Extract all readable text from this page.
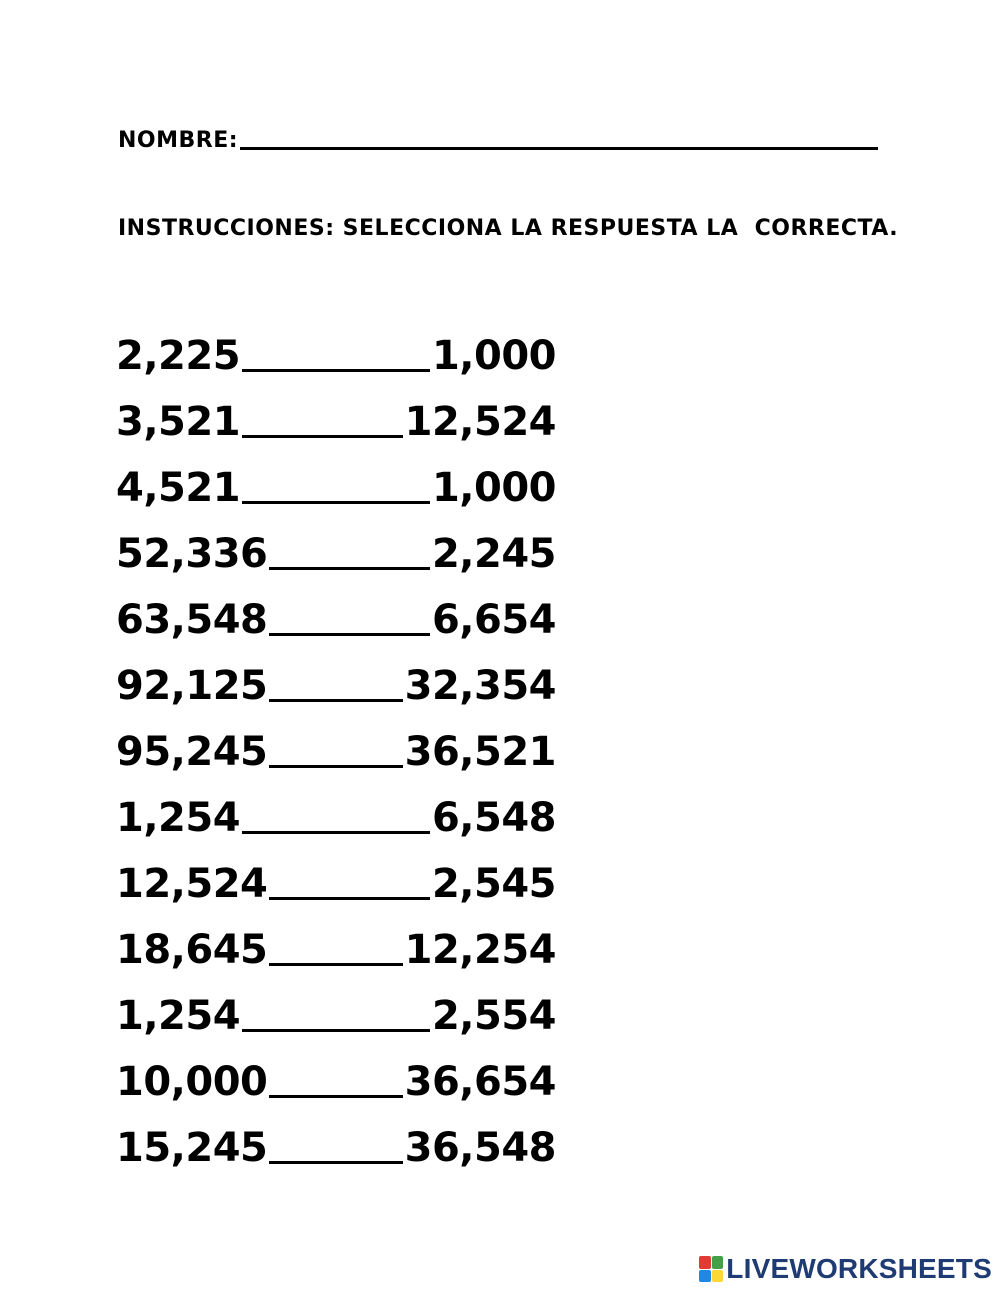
NOMBRE:
INSTRUCCIONES: SELECCIONA LA RESPUESTA LA  CORRECTA.
2,225	1,000
3,521	12,524
4,521	1,000
52,336	2,245
63,548	6,654
92,125	32,354
95,245	36,521
1,254	6,548
12,524	2,545
18,645	12,254
1,254	2,554
10,000	36,654
15,245	36,548
LIVEWORKSHEETS
